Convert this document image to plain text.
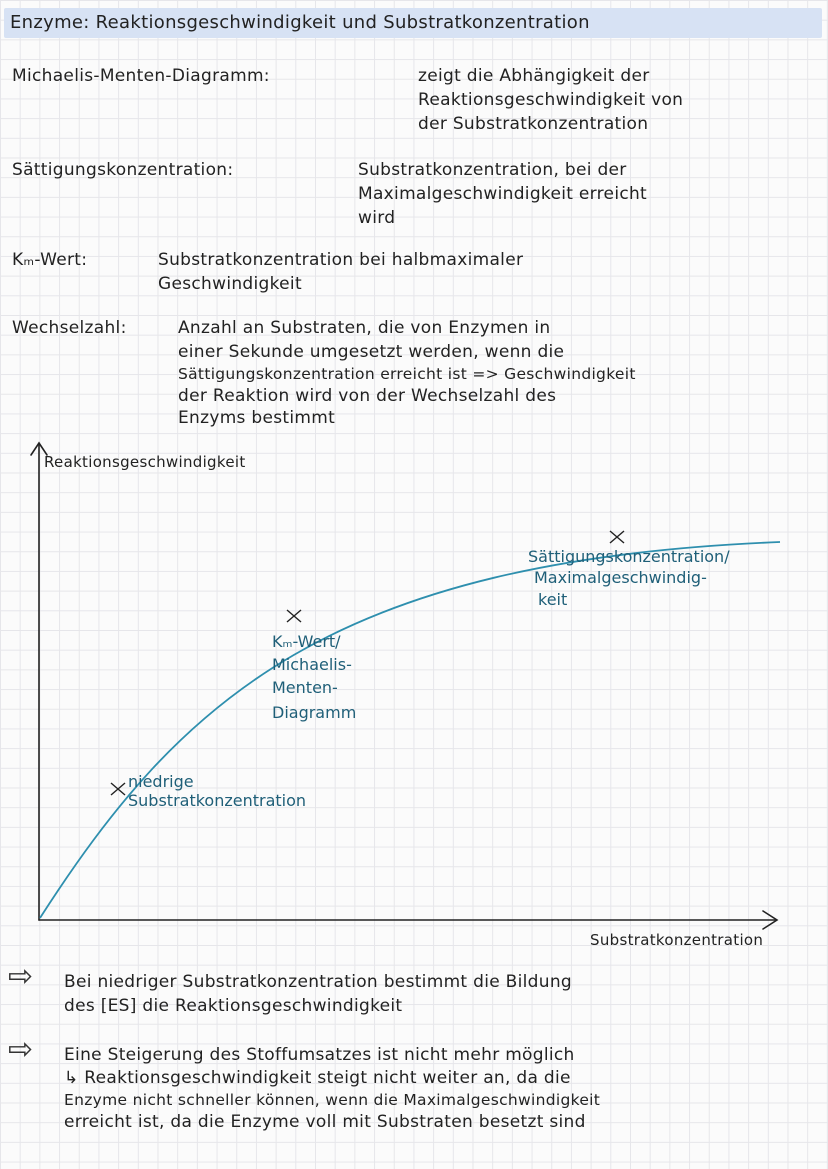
Enzyme: Reaktionsgeschwindigkeit und Substratkonzentration
Michaelis-Menten-Diagramm:	zeigt die Abhängigkeit der
Reaktionsgeschwindigkeit von
der Substratkonzentration
Sättigungskonzentration:	Substratkonzentration, bei der
Maximalgeschwindigkeit erreicht
wird
Kₘ-Wert:	Substratkonzentration bei halbmaximaler
Geschwindigkeit
Wechselzahl:	Anzahl an Substraten, die von Enzymen in
einer Sekunde umgesetzt werden, wenn die
Sättigungskonzentration erreicht ist => Geschwindigkeit
der Reaktion wird von der Wechselzahl des
Enzyms bestimmt
Reaktionsgeschwindigkeit
Substratkonzentration
niedrige
Substratkonzentration
Kₘ-Wert/
Michaelis-
Menten-
Diagramm
Sättigungskonzentration/
Maximalgeschwindig-
keit
⇨ Bei niedriger Substratkonzentration bestimmt die Bildung
des [ES] die Reaktionsgeschwindigkeit
⇨ Eine Steigerung des Stoffumsatzes ist nicht mehr möglich
↳ Reaktionsgeschwindigkeit steigt nicht weiter an, da die
Enzyme nicht schneller können, wenn die Maximalgeschwindigkeit
erreicht ist, da die Enzyme voll mit Substraten besetzt sind
